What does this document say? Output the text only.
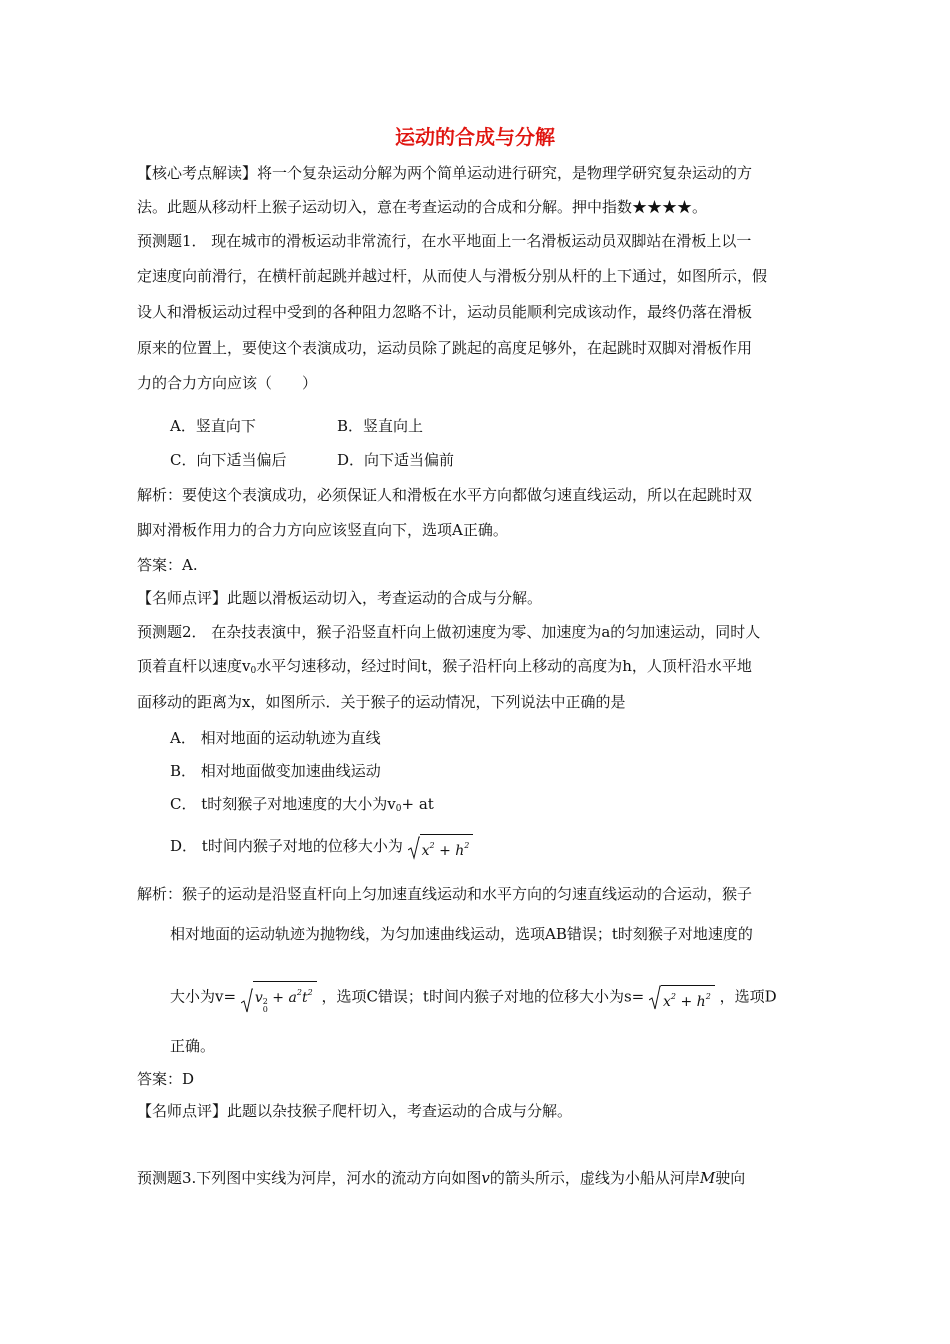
运动的合成与分解
【核心考点解读】将一个复杂运动分解为两个简单运动进行研究，是物理学研究复杂运动的方
法。此题从移动杆上猴子运动切入，意在考查运动的合成和分解。押中指数★★★★。
预测题1． 现在城市的滑板运动非常流行，在水平地面上一名滑板运动员双脚站在滑板上以一
定速度向前滑行，在横杆前起跳并越过杆，从而使人与滑板分别从杆的上下通过，如图所示，假
设人和滑板运动过程中受到的各种阻力忽略不计，运动员能顺利完成该动作，最终仍落在滑板
原来的位置上，要使这个表演成功，运动员除了跳起的高度足够外，在起跳时双脚对滑板作用
力的合力方向应该（　　）
A．竖直向下	B．竖直向上
C．向下适当偏后	D．向下适当偏前
解析：要使这个表演成功，必须保证人和滑板在水平方向都做匀速直线运动，所以在起跳时双
脚对滑板作用力的合力方向应该竖直向下，选项A正确。
答案：A.
【名师点评】此题以滑板运动切入，考查运动的合成与分解。
预测题2． 在杂技表演中，猴子沿竖直杆向上做初速度为零、加速度为a的匀加速运动，同时人
顶着直杆以速度$v_0$水平匀速移动，经过时间t，猴子沿杆向上移动的高度为h，人顶杆沿水平地
面移动的距离为x，如图所示．关于猴子的运动情况，下列说法中正确的是
A． 相对地面的运动轨迹为直线
B． 相对地面做变加速曲线运动
C． t时刻猴子对地速度的大小为$v_0+$ at
D． t时间内猴子对地的位移大小为 $x^2 + h^2$
解析：猴子的运动是沿竖直杆向上匀加速直线运动和水平方向的匀速直线运动的合运动，猴子
相对地面的运动轨迹为抛物线，为匀加速曲线运动，选项AB错误；t时刻猴子对地速度的
大小为v= v 2
0
+ $a^2t^2$ ，选项C错误；t时间内猴子对地的位移大小为$s= x^2 + h^2$ ，选项D
正确。
答案：D
【名师点评】此题以杂技猴子爬杆切入，考查运动的合成与分解。
预测题3.下列图中实线为河岸，河水的流动方向如图v的箭头所示，虚线为小船从河岸M驶向
